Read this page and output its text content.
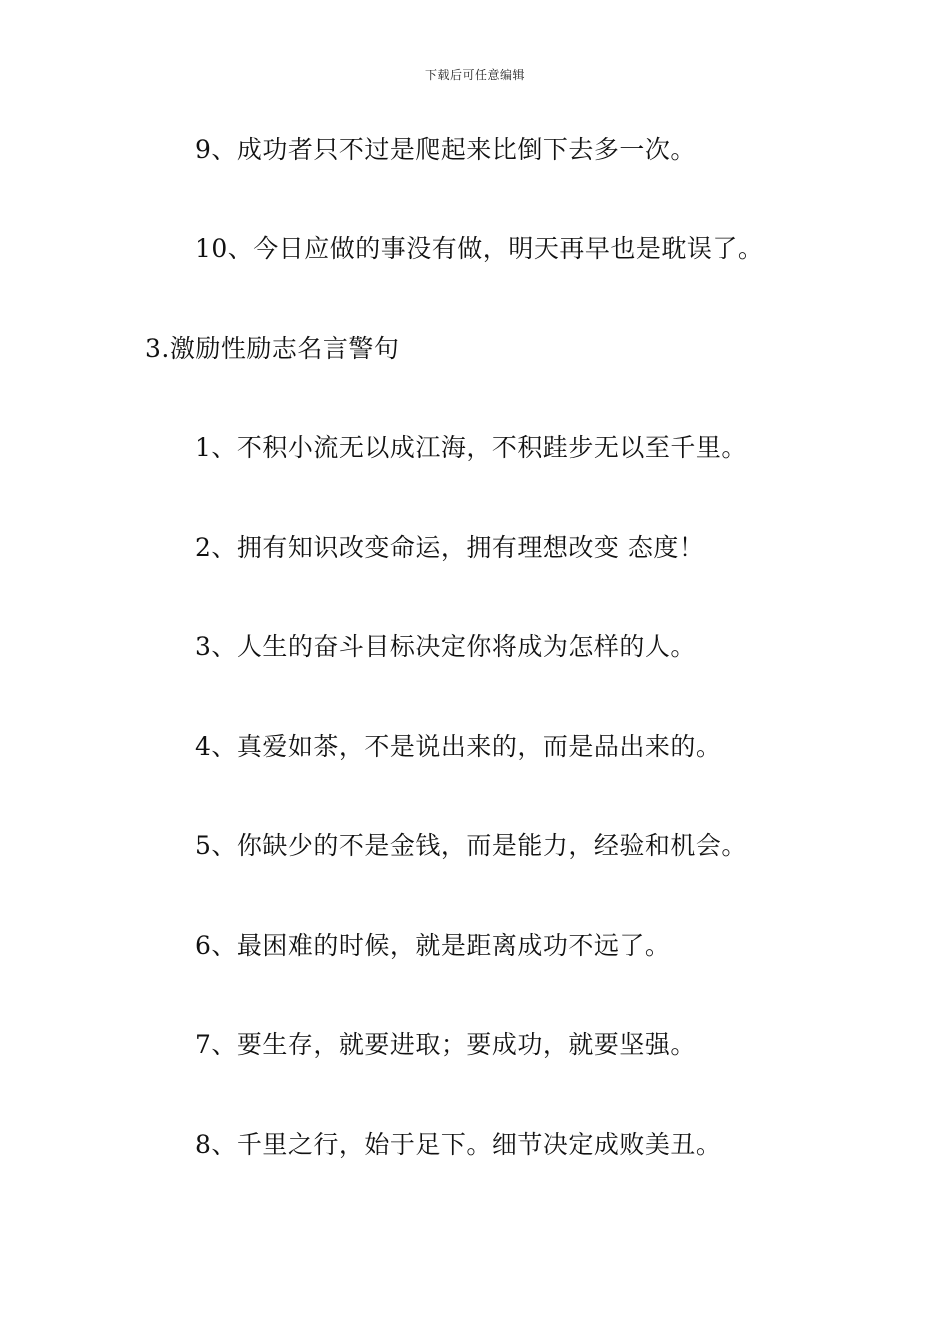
下载后可任意编辑
9、成功者只不过是爬起来比倒下去多一次。
10、今日应做的事没有做，明天再早也是耽误了。
3.激励性励志名言警句
1、不积小流无以成江海，不积跬步无以至千里。
2、拥有知识改变命运，拥有理想改变 态度！
3、人生的奋斗目标决定你将成为怎样的人。
4、真爱如茶，不是说出来的，而是品出来的。
5、你缺少的不是金钱，而是能力，经验和机会。
6、最困难的时候，就是距离成功不远了。
7、要生存，就要进取；要成功，就要坚强。
8、千里之行，始于足下。细节决定成败美丑。
